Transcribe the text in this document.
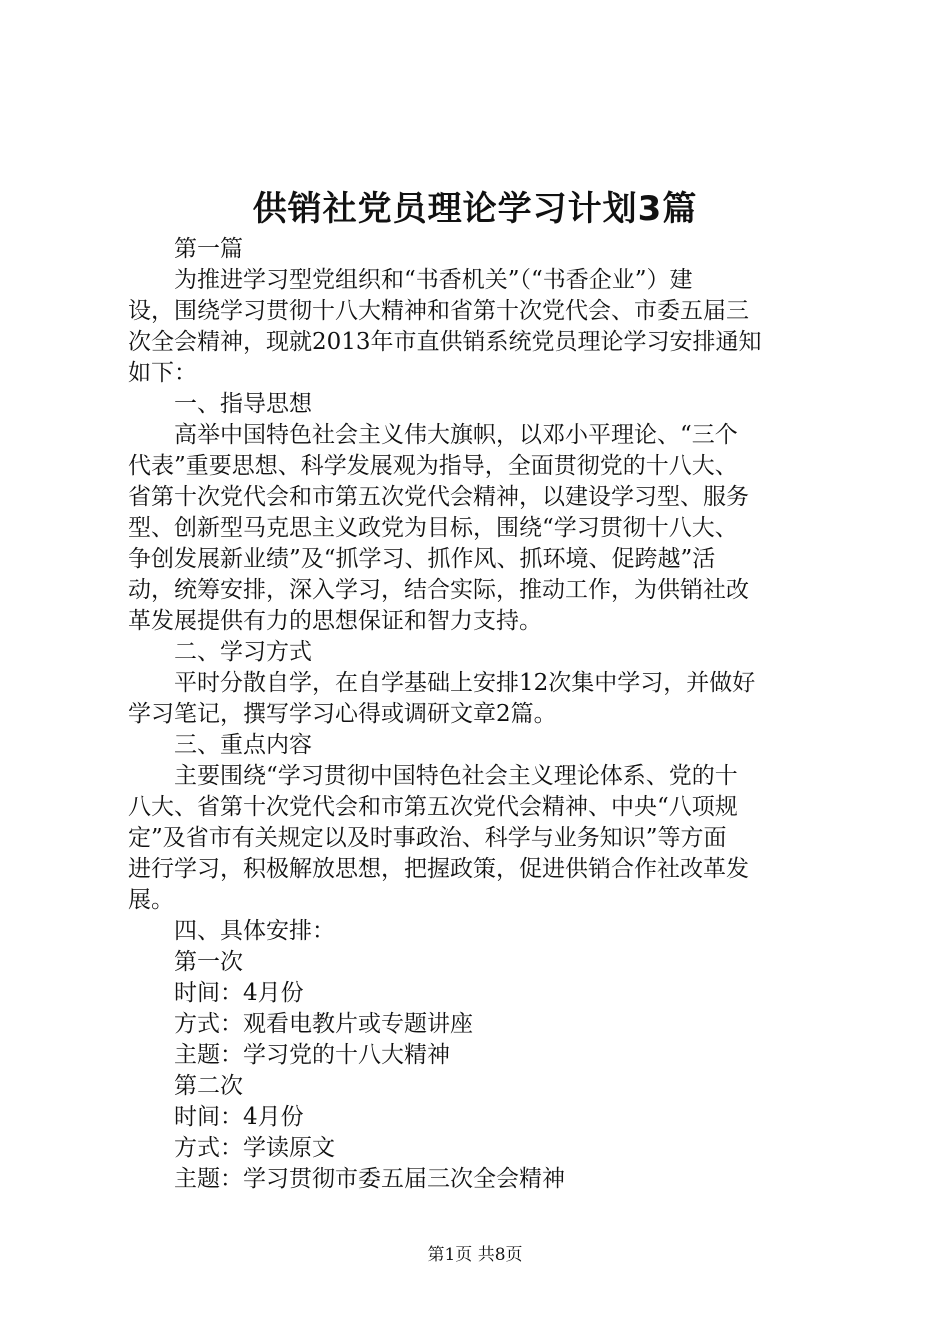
供销社党员理论学习计划3篇
　　第一篇
　　为推进学习型党组织和“书香机关”（“书香企业”）建
设，围绕学习贯彻十八大精神和省第十次党代会、市委五届三
次全会精神，现就2013年市直供销系统党员理论学习安排通知
如下：
　　一、指导思想
　　高举中国特色社会主义伟大旗帜，以邓小平理论、“三个
代表”重要思想、科学发展观为指导，全面贯彻党的十八大、
省第十次党代会和市第五次党代会精神，以建设学习型、服务
型、创新型马克思主义政党为目标，围绕“学习贯彻十八大、
争创发展新业绩”及“抓学习、抓作风、抓环境、促跨越”活
动，统筹安排，深入学习，结合实际，推动工作，为供销社改
革发展提供有力的思想保证和智力支持。
　　二、学习方式
　　平时分散自学，在自学基础上安排12次集中学习，并做好
学习笔记，撰写学习心得或调研文章2篇。
　　三、重点内容
　　主要围绕“学习贯彻中国特色社会主义理论体系、党的十
八大、省第十次党代会和市第五次党代会精神、中央“八项规
定”及省市有关规定以及时事政治、科学与业务知识”等方面
进行学习，积极解放思想，把握政策，促进供销合作社改革发
展。
　　四、具体安排：
　　第一次
　　时间：4月份
　　方式：观看电教片或专题讲座
　　主题：学习党的十八大精神
　　第二次
　　时间：4月份
　　方式：学读原文
　　主题：学习贯彻市委五届三次全会精神
第1页 共8页
